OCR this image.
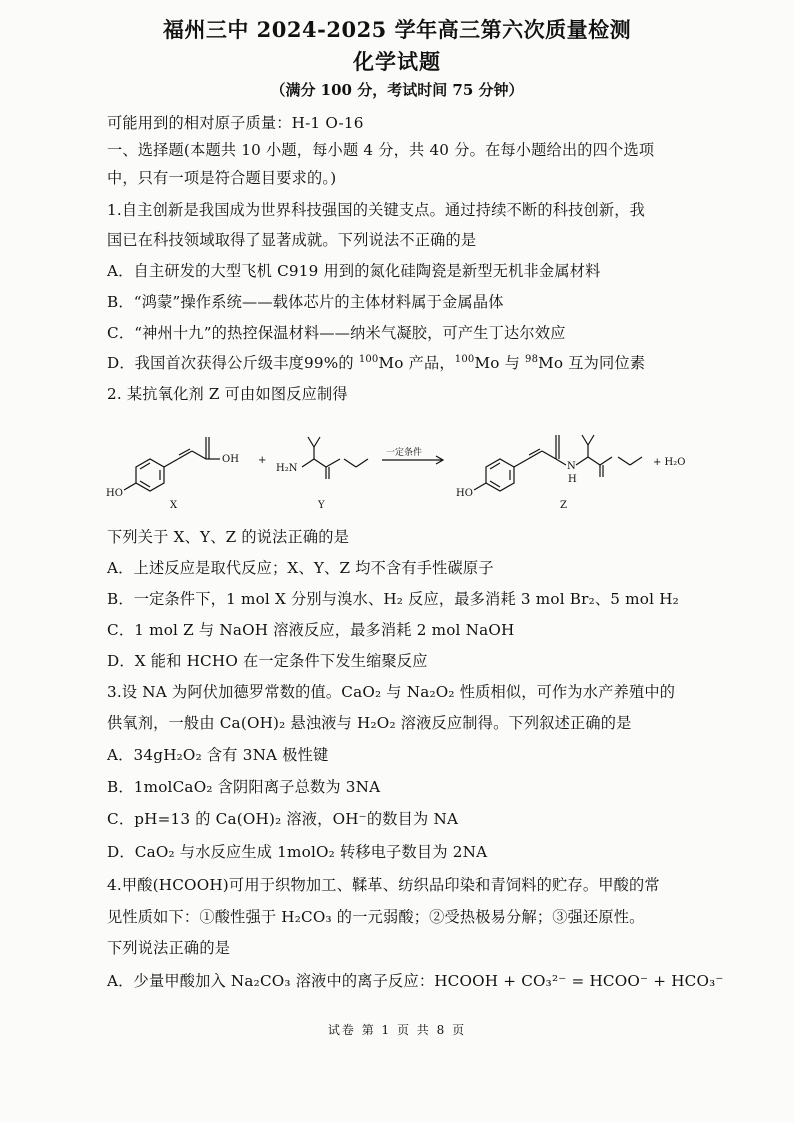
福州三中 2024-2025 学年高三第六次质量检测
化学试题
（满分 100 分，考试时间 75 分钟）
可能用到的相对原子质量：H-1 O-16
一、选择题(本题共 10 小题，每小题 4 分，共 40 分。在每小题给出的四个选项
中，只有一项是符合题目要求的。)
1.自主创新是我国成为世界科技强国的关键支点。通过持续不断的科技创新，我
国已在科技领域取得了显著成就。下列说法不正确的是
A．自主研发的大型飞机 C919 用到的氮化硅陶瓷是新型无机非金属材料
B．“鸿蒙”操作系统——载体芯片的主体材料属于金属晶体
C．“神州十九”的热控保温材料——纳米气凝胶，可产生丁达尔效应
D．我国首次获得公斤级丰度99%的 $^{100}$Mo 产品，$^{100}$Mo 与 $^{98}$Mo 互为同位素
2. 某抗氧化剂 Z 可由如图反应制得
OH
HO
X
+
H₂N
Y
一定条件
HO
N
H
Z
+ H₂O
下列关于 X、Y、Z 的说法正确的是
A．上述反应是取代反应；X、Y、Z 均不含有手性碳原子
B．一定条件下，1 mol X 分别与溴水、H₂ 反应，最多消耗 3 mol Br₂、5 mol H₂
C．1 mol Z 与 NaOH 溶液反应，最多消耗 2 mol NaOH
D．X 能和 HCHO 在一定条件下发生缩聚反应
3.设 NA 为阿伏加德罗常数的值。CaO₂ 与 Na₂O₂ 性质相似，可作为水产养殖中的
供氧剂，一般由 Ca(OH)₂ 悬浊液与 H₂O₂ 溶液反应制得。下列叙述正确的是
A．34gH₂O₂ 含有 3NA 极性键
B．1molCaO₂ 含阴阳离子总数为 3NA
C．pH=13 的 Ca(OH)₂ 溶液，OH⁻的数目为 NA
D．CaO₂ 与水反应生成 1molO₂ 转移电子数目为 2NA
4.甲酸(HCOOH)可用于织物加工、鞣革、纺织品印染和青饲料的贮存。甲酸的常
见性质如下：①酸性强于 H₂CO₃ 的一元弱酸；②受热极易分解；③强还原性。
下列说法正确的是
A．少量甲酸加入 Na₂CO₃ 溶液中的离子反应：HCOOH + CO₃²⁻ = HCOO⁻ + HCO₃⁻
试卷 第 1 页 共 8 页
